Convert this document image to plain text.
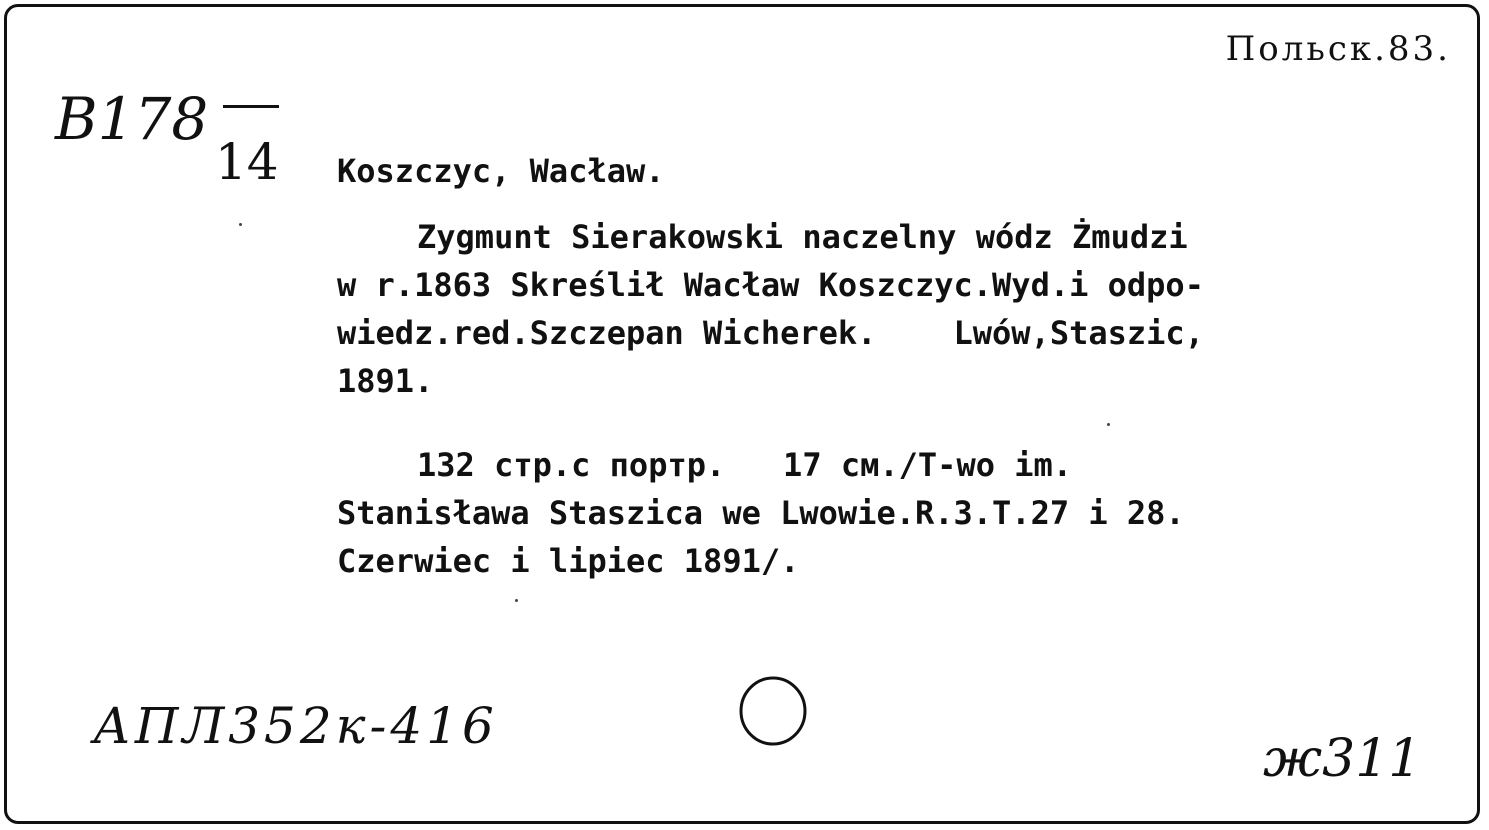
Польск.83.
B178
14 Koszczyc, Wacław.

Zygmunt Sierakowski naczelny wódz Żmudzi

w r.1863 Skreślił Wacław Koszczyc.Wyd.i odpo-

wiedz.red.Szczepan Wicherek.    Lwów,Staszic,

1891.

132 стр.с портр.   17 см./T-wo im.

Stanisława Staszica we Lwowie.R.3.T.27 i 28.

Czerwiec i lipiec 1891/.

АПЛ352к-416
ж311
